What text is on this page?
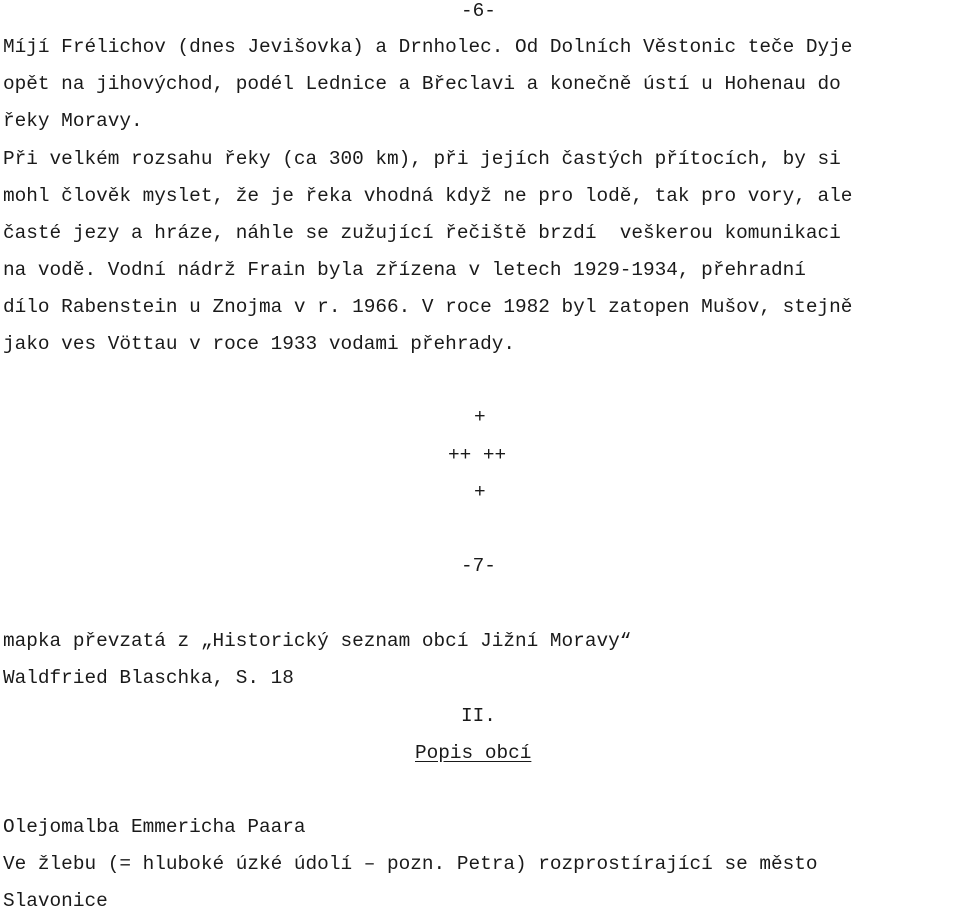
-6-
Míjí Frélichov (dnes Jevišovka) a Drnholec. Od Dolních Věstonic teče Dyje
opět na jihovýchod, podél Lednice a Břeclavi a konečně ústí u Hohenau do
řeky Moravy.
Při velkém rozsahu řeky (ca 300 km), při jejích častých přítocích, by si
mohl člověk myslet, že je řeka vhodná když ne pro lodě, tak pro vory, ale
časté jezy a hráze, náhle se zužující řečiště brzdí  veškerou komunikaci
na vodě. Vodní nádrž Frain byla zřízena v letech 1929-1934, přehradní
dílo Rabenstein u Znojma v r. 1966. V roce 1982 byl zatopen Mušov, stejně
jako ves Vöttau v roce 1933 vodami přehrady.
+
++ ++
+
-7-
mapka převzatá z „Historický seznam obcí Jižní Moravy“
Waldfried Blaschka, S. 18
II.
Popis obcí
Olejomalba Emmericha Paara
Ve žlebu (= hluboké úzké údolí – pozn. Petra) rozprostírající se město
Slavonice
